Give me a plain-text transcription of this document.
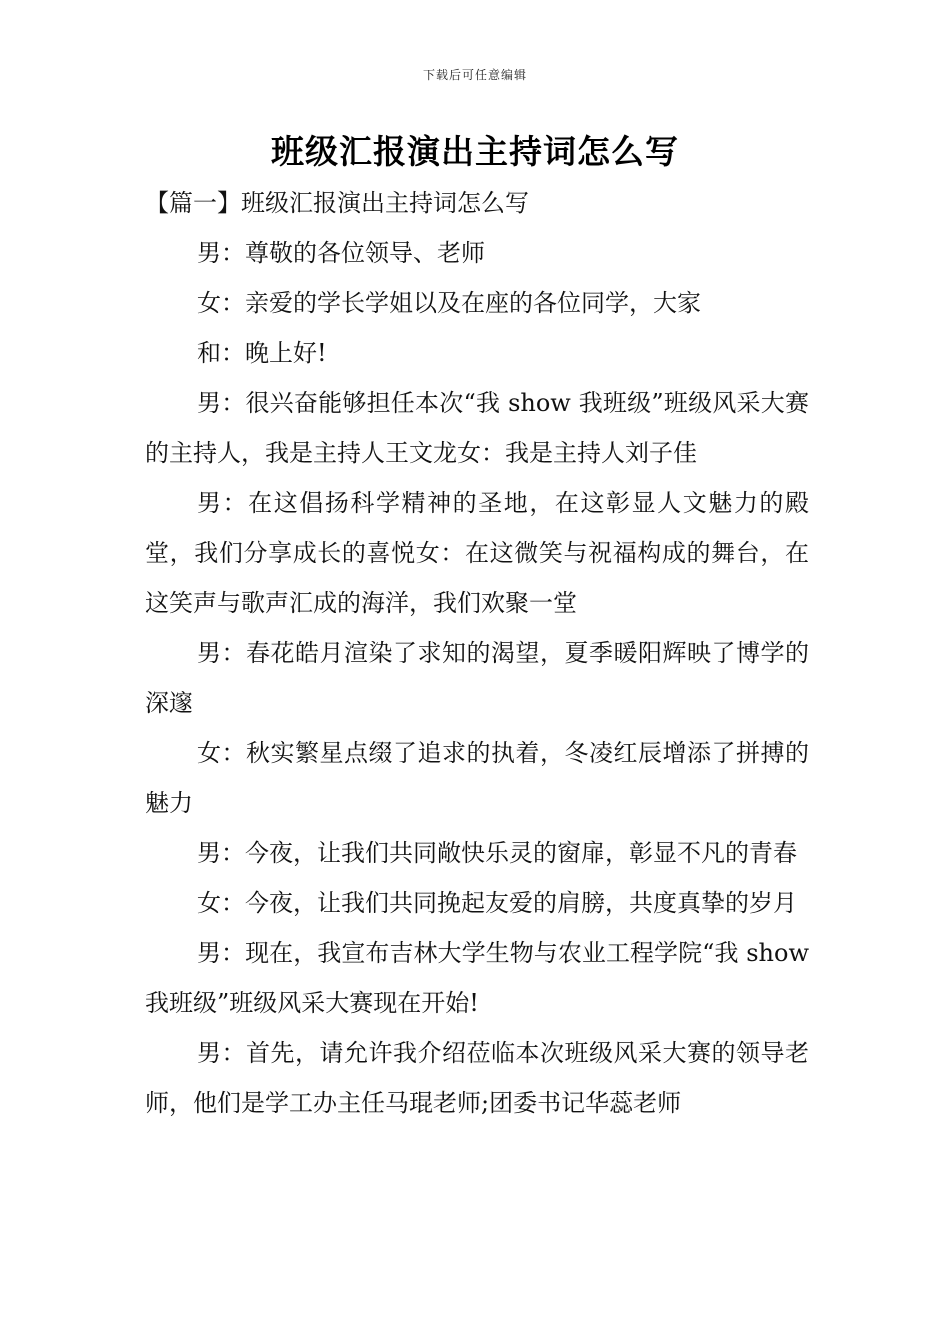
下载后可任意编辑
班级汇报演出主持词怎么写

【篇一】班级汇报演出主持词怎么写

男：尊敬的各位领导、老师

女：亲爱的学长学姐以及在座的各位同学，大家

和：晚上好!

男：很兴奋能够担任本次“我 show 我班级”班级风采大赛的主持人，我是主持人王文龙女：我是主持人刘子佳

男：在这倡扬科学精神的圣地，在这彰显人文魅力的殿堂，我们分享成长的喜悦女：在这微笑与祝福构成的舞台，在这笑声与歌声汇成的海洋，我们欢聚一堂

男：春花皓月渲染了求知的渴望，夏季暖阳辉映了博学的深邃

女：秋实繁星点缀了追求的执着，冬凌红辰增添了拼搏的魅力

男：今夜，让我们共同敞快乐灵的窗扉，彰显不凡的青春

女：今夜，让我们共同挽起友爱的肩膀，共度真挚的岁月

男：现在，我宣布吉林大学生物与农业工程学院“我 show 我班级”班级风采大赛现在开始!

男：首先，请允许我介绍莅临本次班级风采大赛的领导老师，他们是学工办主任马琨老师;团委书记华蕊老师
